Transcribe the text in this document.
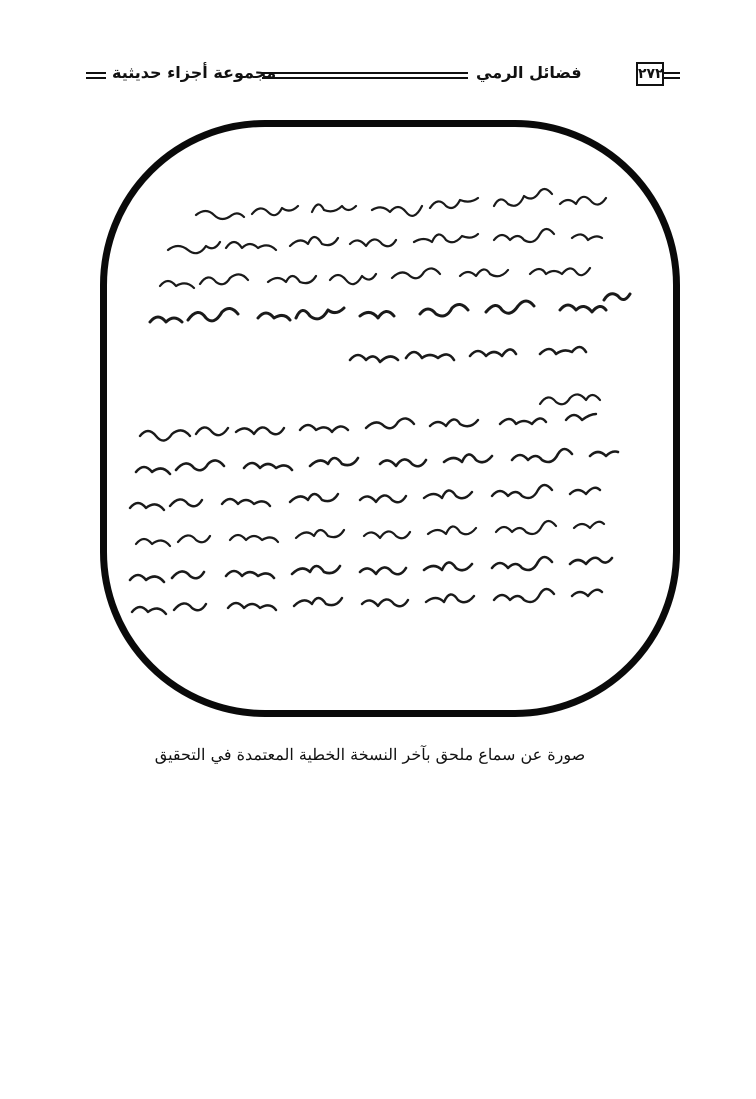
مجموعة أجزاء حديثية	فضائل الرمي	٢٧٢
صورة عن سماع ملحق بآخر النسخة الخطية المعتمدة في التحقيق
